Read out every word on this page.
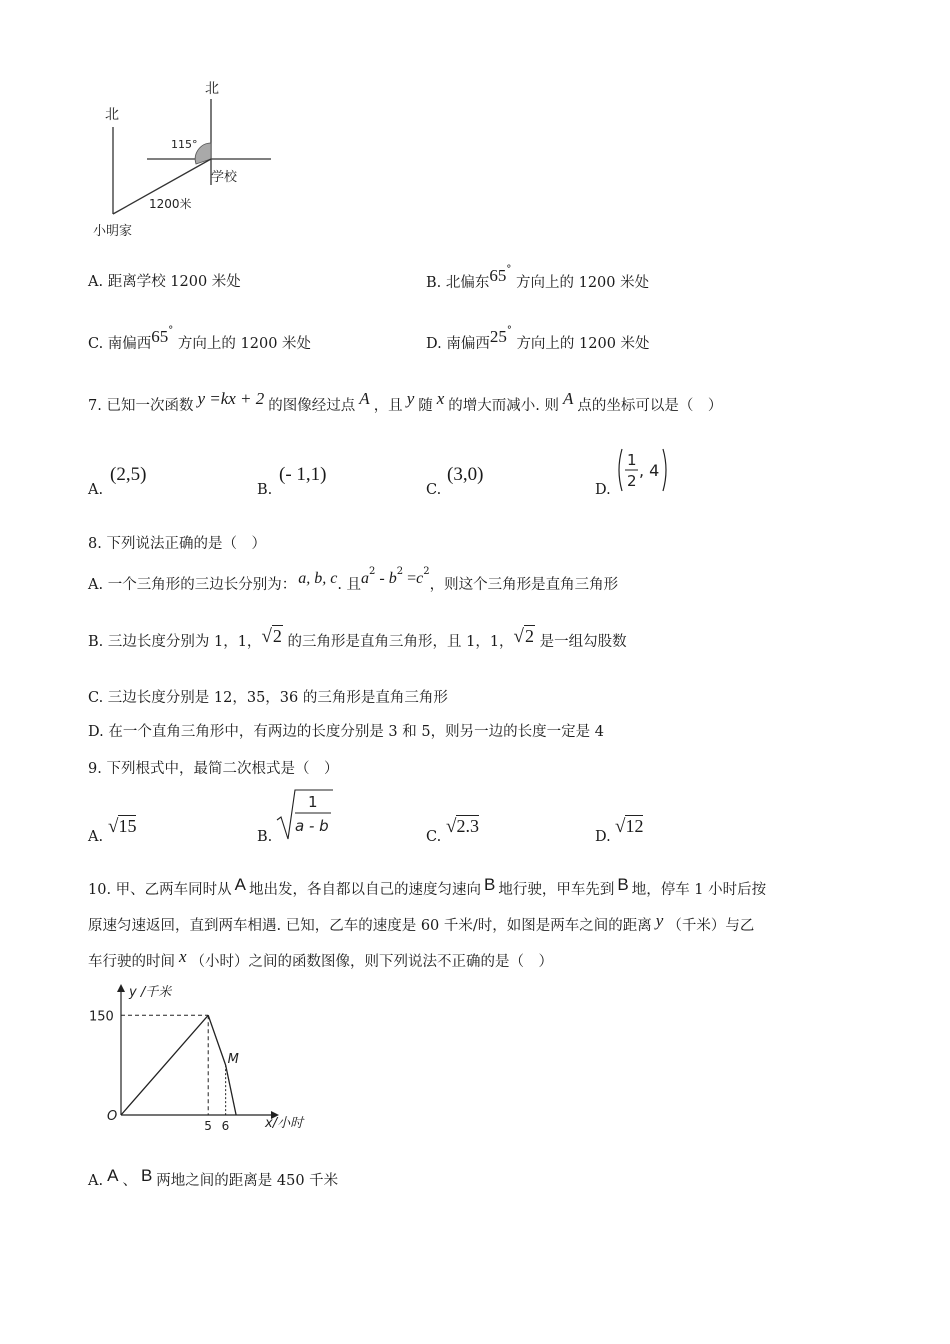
北
北
115°
学校
1200米
小明家
A. 距离学校 1200 米处	B. 北偏东65° 方向上的 1200 米处
C. 南偏西65° 方向上的 1200 米处	D. 南偏西25° 方向上的 1200 米处
7. 已知一次函数 y =kx + 2 的图像经过点 A ，且 y 随 x 的增大而减小. 则 A 点的坐标可以是（　）
A.
(2,5)
B.
(- 1,1)
C.
(3,0)
D.
1
2
, 4
8. 下列说法正确的是（　）
A. 一个三角形的三边长分别为： a, b, c. 且$a^2 - b^2 =c^2$，则这个三角形是直角三角形
B. 三边长度分别为 1，1，√2 的三角形是直角三角形，且 1，1，√2 是一组勾股数
C. 三边长度分别是 12，35，36 的三角形是直角三角形
D. 在一个直角三角形中，有两边的长度分别是 3 和 5，则另一边的长度一定是 4
9. 下列根式中，最简二次根式是（　）
A. √15
B.
1
a - b
C. √2.3
D. √12
10. 甲、乙两车同时从 A 地出发，各自都以自己的速度匀速向 B 地行驶，甲车先到 B 地，停车 1 小时后按
原速匀速返回，直到两车相遇. 已知，乙车的速度是 60 千米/时，如图是两车之间的距离 y （千米）与乙
车行驶的时间 x （小时）之间的函数图像，则下列说法不正确的是（　）
y /千米
x/小时
O
150
5 6
M
A. A 、 B 两地之间的距离是 450 千米
